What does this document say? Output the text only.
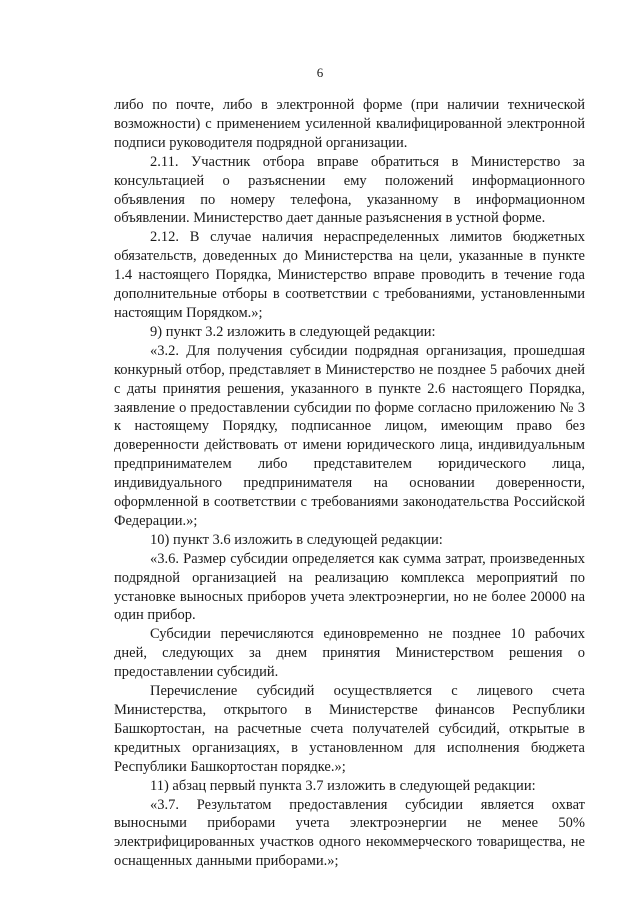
6

либо по почте, либо в электронной форме (при наличии технической возможности) с применением усиленной квалифицированной электронной подписи руководителя подрядной организации.

2.11. Участник отбора вправе обратиться в Министерство за консультацией о разъяснении ему положений информационного объявления по номеру телефона, указанному в информационном объявлении. Министерство дает данные разъяснения в устной форме.

2.12. В случае наличия нераспределенных лимитов бюджетных обязательств, доведенных до Министерства на цели, указанные в пункте 1.4 настоящего Порядка, Министерство вправе проводить в течение года дополнительные отборы в соответствии с требованиями, установленными настоящим Порядком.»;

9) пункт 3.2 изложить в следующей редакции:

«3.2. Для получения субсидии подрядная организация, прошедшая конкурный отбор, представляет в Министерство не позднее 5 рабочих дней с даты принятия решения, указанного в пункте 2.6 настоящего Порядка, заявление о предоставлении субсидии по форме согласно приложению № 3 к настоящему Порядку, подписанное лицом, имеющим право без доверенности действовать от имени юридического лица, индивидуальным предпринимателем либо представителем юридического лица, индивидуального предпринимателя на основании доверенности, оформленной в соответствии с требованиями законодательства Российской Федерации.»;

10) пункт 3.6 изложить в следующей редакции:

«3.6. Размер субсидии определяется как сумма затрат, произведенных подрядной организацией на реализацию комплекса мероприятий по установке выносных приборов учета электроэнергии, но не более 20000 на один прибор.

Субсидии перечисляются единовременно не позднее 10 рабочих дней, следующих за днем принятия Министерством решения о предоставлении субсидий.

Перечисление субсидий осуществляется с лицевого счета Министерства, открытого в Министерстве финансов Республики Башкортостан, на расчетные счета получателей субсидий, открытые в кредитных организациях, в установленном для исполнения бюджета Республики Башкортостан порядке.»;

11) абзац первый пункта 3.7 изложить в следующей редакции:

«3.7. Результатом предоставления субсидии является охват выносными приборами учета электроэнергии не менее 50% электрифицированных участков одного некоммерческого товарищества, не оснащенных данными приборами.»;
